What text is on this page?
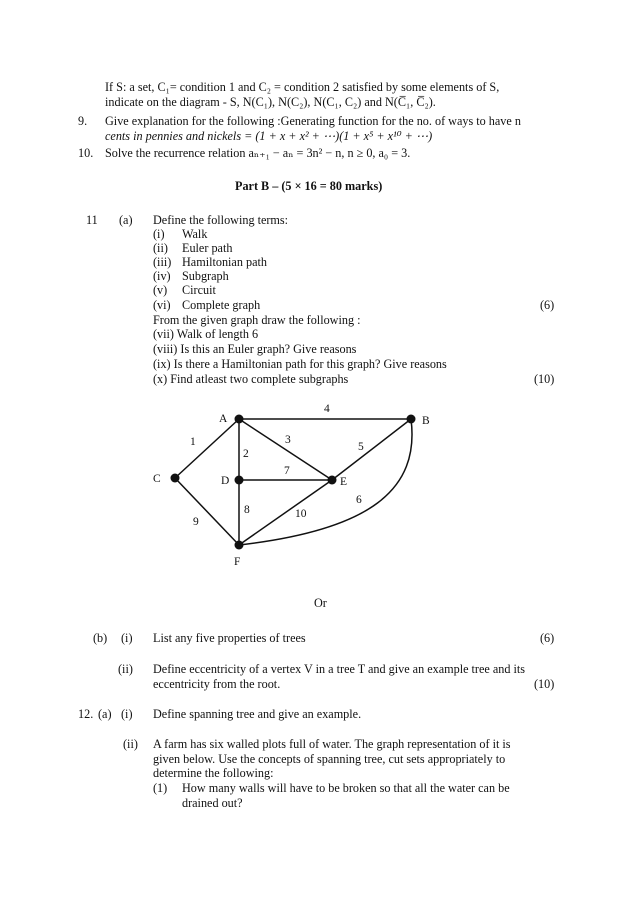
If S: a set, C₁= condition 1 and C₂ = condition 2 satisfied by some elements of S,
indicate on the diagram - S, N(C₁), N(C₂), N(C₁, C₂) and N(C̅₁, C̅₂).
9. Give explanation for the following :Generating function for the no. of ways to have n
cents in pennies and nickels = (1 + x + x² + ⋯)(1 + x⁵ + x¹⁰ + ⋯)
10. Solve the recurrence relation aₙ₊₁ − aₙ = 3n² − n, n ≥ 0, a₀ = 3.
Part B – (5 × 16 = 80 marks)
11 (a) Define the following terms:
(i) Walk
(ii) Euler path
(iii) Hamiltonian path
(iv) Subgraph
(v) Circuit
(vi) Complete graph	(6)
From the given graph draw the following :
(vii) Walk of length 6
(viii) Is this an Euler graph? Give reasons
(ix) Is there a Hamiltonian path for this graph? Give reasons
(x) Find atleast two complete subgraphs	(10)
A	B
C	D	E
F
4
1
2
3
5
7
8
9
10
6
Or
(b) (i) List any five properties of trees	(6)
(ii) Define eccentricity of a vertex V in a tree T and give an example tree and its
eccentricity from the root.	(10)
12. (a) (i) Define spanning tree and give an example.
(ii) A farm has six walled plots full of water. The graph representation of it is
given below. Use the concepts of spanning tree, cut sets appropriately to
determine the following:
(1) How many walls will have to be broken so that all the water can be
drained out?
